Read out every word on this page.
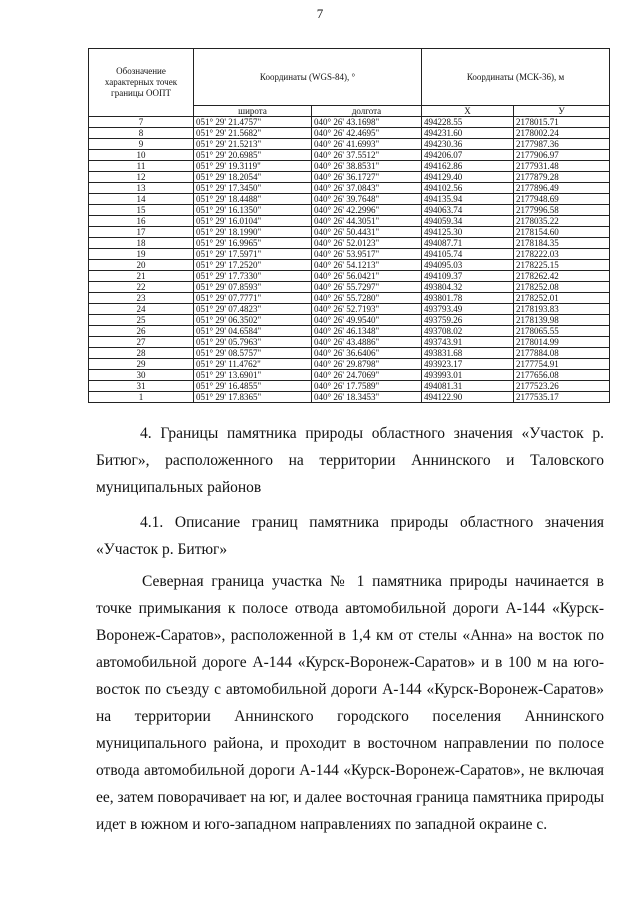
7
Обозначение характерных точек границы ООПТ	Координаты (WGS-84), °		Координаты (МСК-36), м	
	широта	долгота	X	У
7	051° 29' 21.4757"	040° 26' 43.1698"	494228.55	2178015.71
8	051° 29' 21.5682"	040° 26' 42.4695"	494231.60	2178002.24
9	051° 29' 21.5213"	040° 26' 41.6993"	494230.36	2177987.36
10	051° 29' 20.6985"	040° 26' 37.5512"	494206.07	2177906.97
11	051° 29' 19.3119"	040° 26' 38.8531"	494162.86	2177931.48
12	051° 29' 18.2054"	040° 26' 36.1727"	494129.40	2177879.28
13	051° 29' 17.3450"	040° 26' 37.0843"	494102.56	2177896.49
14	051° 29' 18.4488"	040° 26' 39.7648"	494135.94	2177948.69
15	051° 29' 16.1350"	040° 26' 42.2996"	494063.74	2177996.58
16	051° 29' 16.0104"	040° 26' 44.3051"	494059.34	2178035.22
17	051° 29' 18.1990"	040° 26' 50.4431"	494125.30	2178154.60
18	051° 29' 16.9965"	040° 26' 52.0123"	494087.71	2178184.35
19	051° 29' 17.5971"	040° 26' 53.9517"	494105.74	2178222.03
20	051° 29' 17.2520"	040° 26' 54.1213"	494095.03	2178225.15
21	051° 29' 17.7330"	040° 26' 56.0421"	494109.37	2178262.42
22	051° 29' 07.8593"	040° 26' 55.7297"	493804.32	2178252.08
23	051° 29' 07.7771"	040° 26' 55.7280"	493801.78	2178252.01
24	051° 29' 07.4823"	040° 26' 52.7193"	493793.49	2178193.83
25	051° 29' 06.3502"	040° 26' 49.9540"	493759.26	2178139.98
26	051° 29' 04.6584"	040° 26' 46.1348"	493708.02	2178065.55
27	051° 29' 05.7963"	040° 26' 43.4886"	493743.91	2178014.99
28	051° 29' 08.5757"	040° 26' 36.6406"	493831.68	2177884.08
29	051° 29' 11.4762"	040° 26' 29.8798"	493923.17	2177754.91
30	051° 29' 13.6901"	040° 26' 24.7069"	493993.01	2177656.08
31	051° 29' 16.4855"	040° 26' 17.7589"	494081.31	2177523.26
1	051° 29' 17.8365"	040° 26' 18.3453"	494122.90	2177535.17
4. Границы памятника природы областного значения «Участок р. Битюг», расположенного на территории Аннинского и Таловского муниципальных районов
4.1. Описание границ памятника природы областного значения «Участок р. Битюг»
Северная граница участка № 1 памятника природы начинается в точке примыкания к полосе отвода автомобильной дороги А-144 «Курск-Воронеж-Саратов», расположенной в 1,4 км от стелы «Анна» на восток по автомобильной дороге А-144 «Курск-Воронеж-Саратов» и в 100 м на юго-восток по съезду с автомобильной дороги А-144 «Курск-Воронеж-Саратов» на территории Аннинского городского поселения Аннинского муниципального района, и проходит в восточном направлении по полосе отвода автомобильной дороги А-144 «Курск-Воронеж-Саратов», не включая ее, затем поворачивает на юг, и далее восточная граница памятника природы идет в южном и юго-западном направлениях по западной окраине с.
